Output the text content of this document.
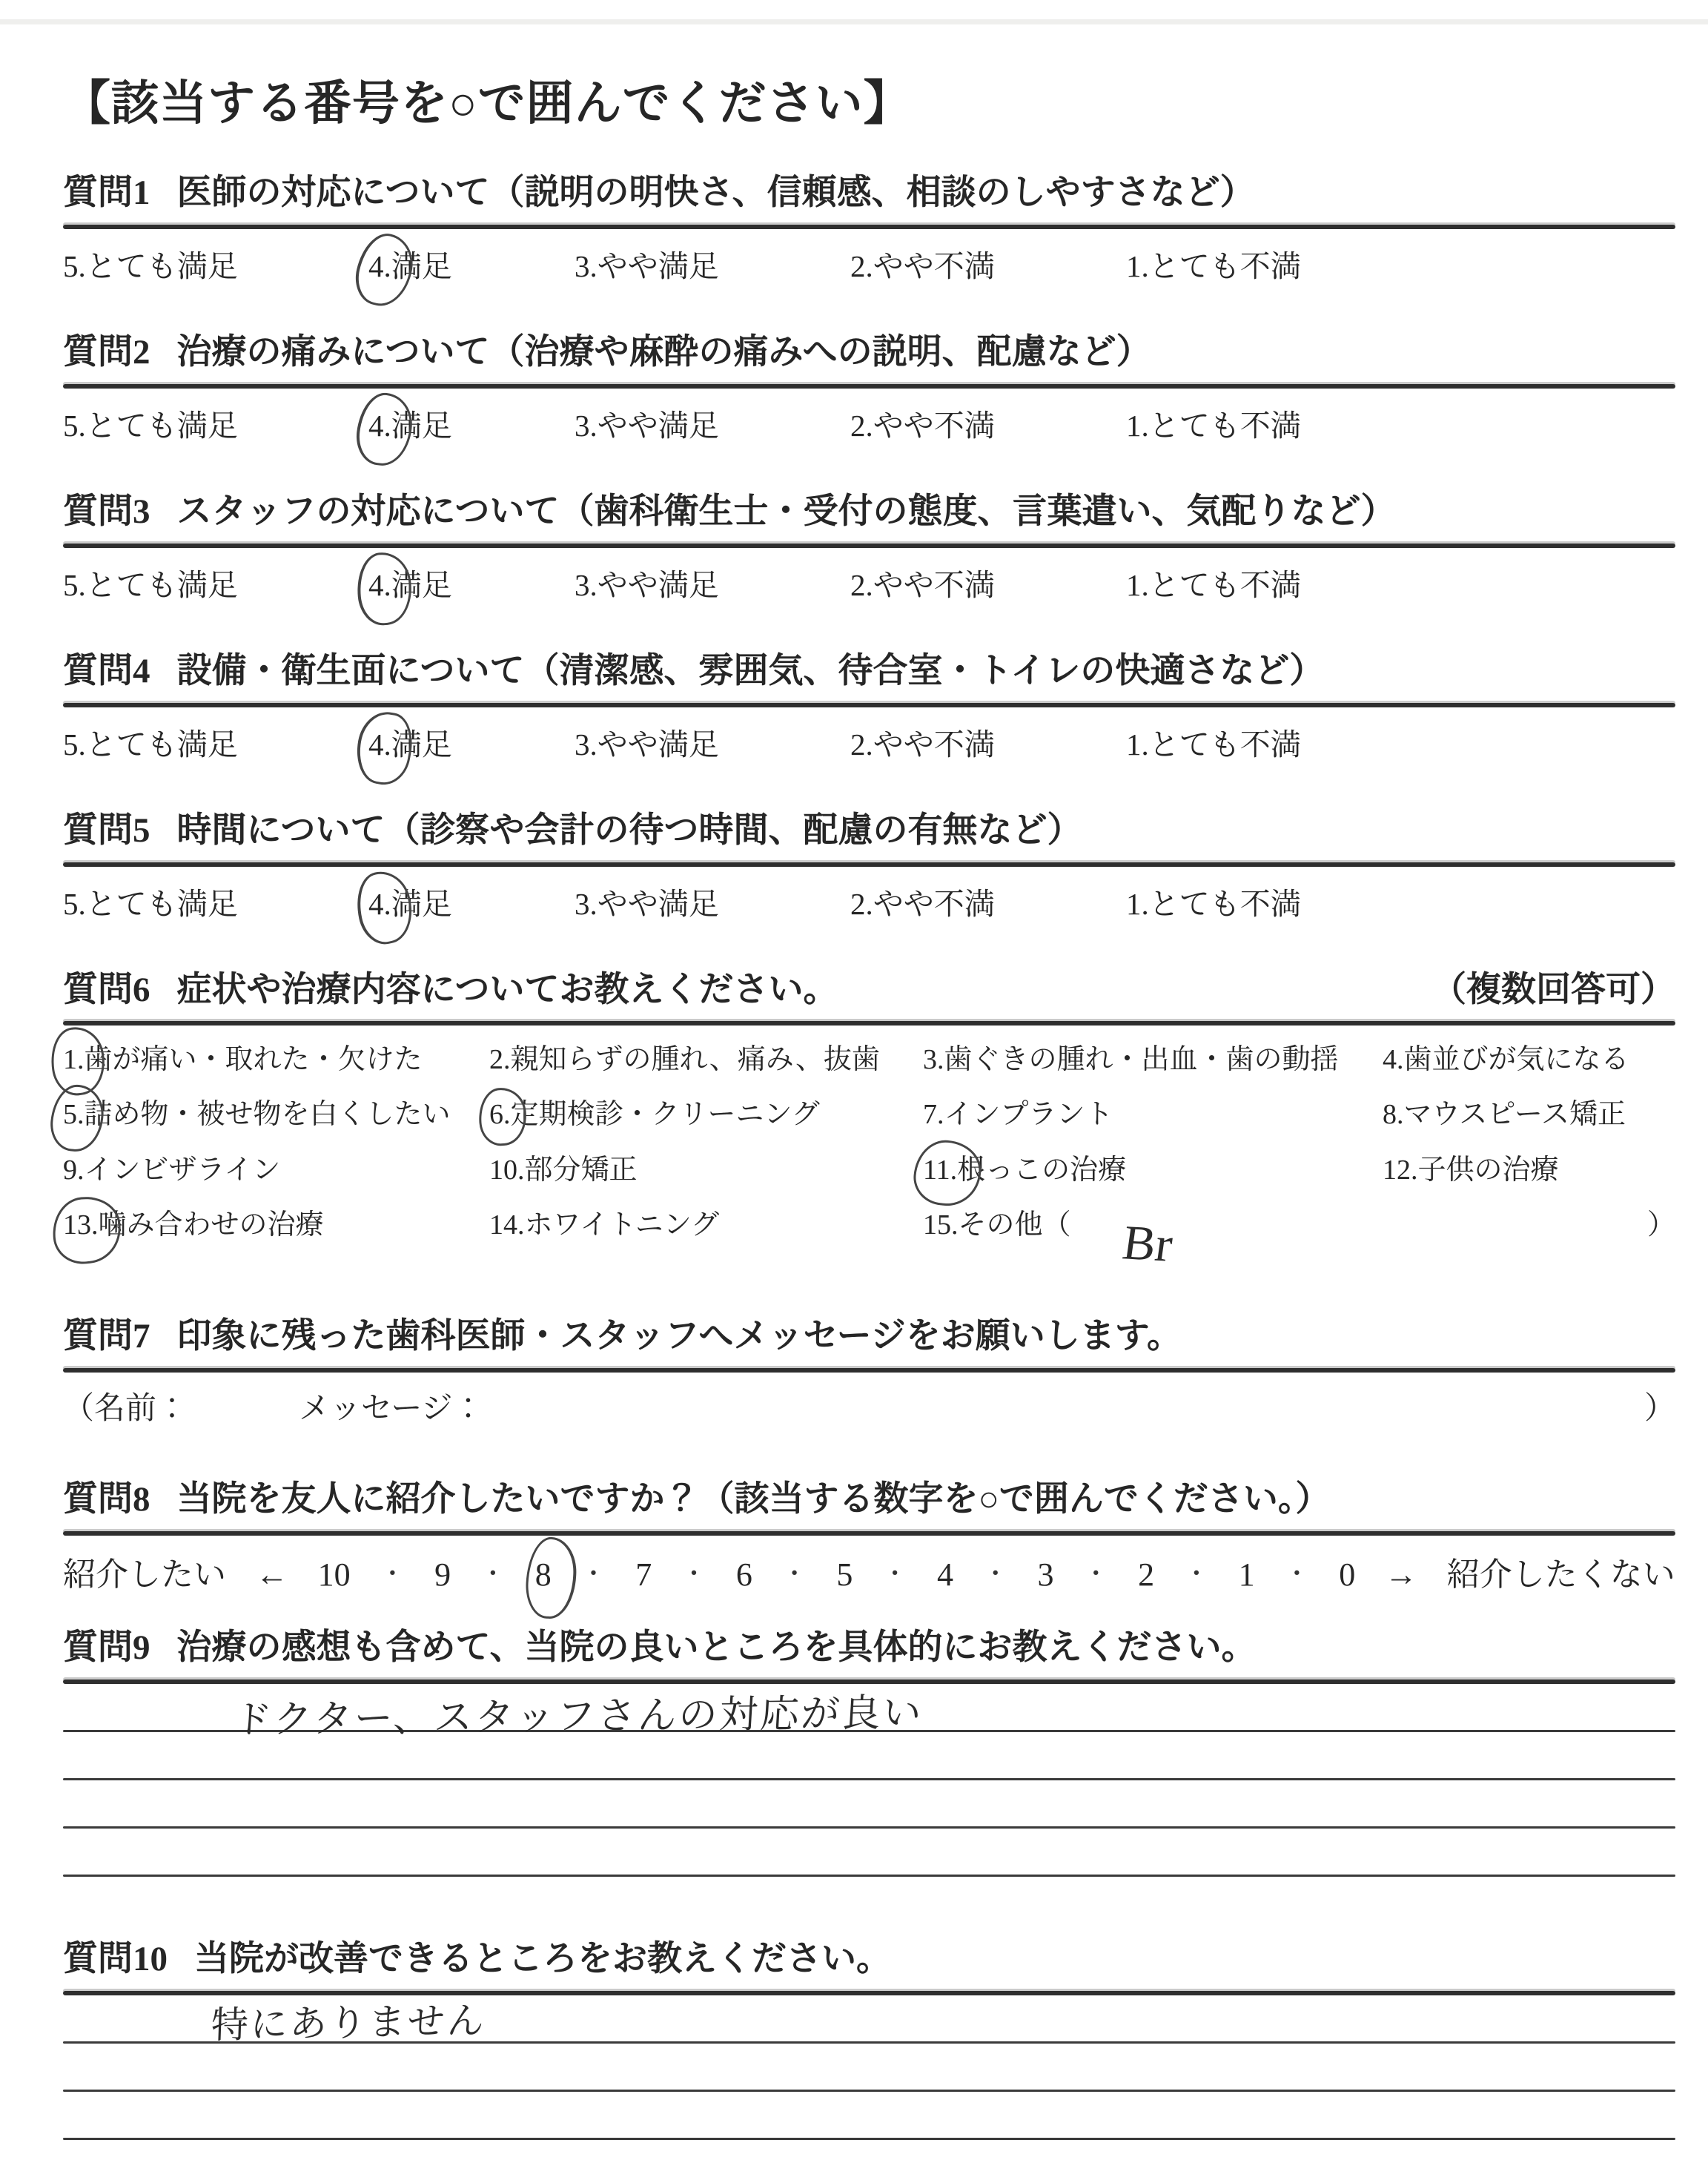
【該当する番号を○で囲んでください】
質問1 医師の対応について（説明の明快さ、信頼感、相談のしやすさなど）
5. とても満足	4. 満足	3. やや満足	2. やや不満	1. とても不満
質問2 治療の痛みについて（治療や麻酔の痛みへの説明、配慮など）
5. とても満足	4. 満足	3. やや満足	2. やや不満	1. とても不満
質問3 スタッフの対応について（歯科衛生士・受付の態度、言葉遣い、気配りなど）
5. とても満足	4. 満足	3. やや満足	2. やや不満	1. とても不満
質問4 設備・衛生面について（清潔感、雰囲気、待合室・トイレの快適さなど）
5. とても満足	4. 満足	3. やや満足	2. やや不満	1. とても不満
質問5 時間について（診察や会計の待つ時間、配慮の有無など）
5. とても満足	4. 満足	3. やや満足	2. やや不満	1. とても不満
質問6 症状や治療内容についてお教えください。	（複数回答可）
1.歯が痛い・取れた・欠けた	2.親知らずの腫れ、痛み、抜歯	3.歯ぐきの腫れ・出血・歯の動揺	4.歯並びが気になる
5.詰め物・被せ物を白くしたい	6.定期検診・クリーニング	7.インプラント	8.マウスピース矯正
9.インビザライン	10.部分矯正	11.根っこの治療	12.子供の治療
13.噛み合わせの治療	14.ホワイトニング	15.その他（ Br	）
質問7 印象に残った歯科医師・スタッフへメッセージをお願いします。
（名前：	メッセージ：	）
質問8 当院を友人に紹介したいですか？（該当する数字を○で囲んでください。）
紹介したい ← 10 ・ 9 ・ 8 ・ 7 ・ 6 ・ 5 ・ 4 ・ 3 ・ 2 ・ 1 ・ 0 → 紹介したくない
質問9 治療の感想も含めて、当院の良いところを具体的にお教えください。
ドクター、スタッフさんの対応が良い
質問10 当院が改善できるところをお教えください。
特にありません
